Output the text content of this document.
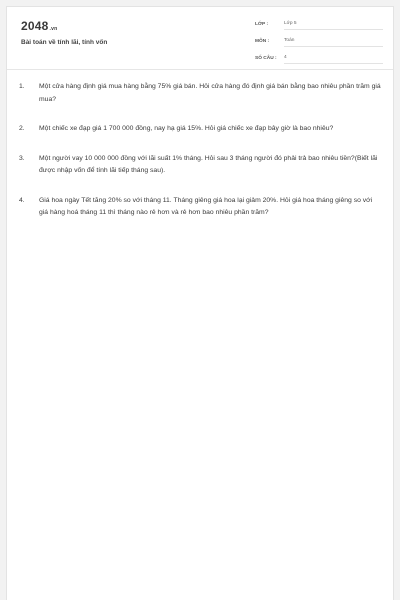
2048.vn
Bài toán về tính lãi, tính vốn
LỚP :	Lớp 5
MÔN :	Toán
SỐ CÂU :	4
1.	Một cửa hàng định giá mua hàng bằng 75% giá bán. Hỏi cửa hàng đó định giá bán bằng bao nhiêu phần trăm giá mua?
2.	Một chiếc xe đạp giá 1 700 000 đồng, nay hạ giá 15%. Hỏi giá chiếc xe đạp bây giờ là bao nhiêu?
3.	Một người vay 10 000 000 đồng với lãi suất 1% tháng. Hỏi sau 3 tháng người đó phải trả bao nhiêu tiền?(Biết lãi được nhập vốn để tính lãi tiếp tháng sau).
4.	Giá hoa ngày Tết tăng 20% so với tháng 11. Tháng giêng giá hoa lại giảm 20%. Hỏi giá hoa tháng giêng so với giá hàng hoá tháng 11 thì tháng nào rẻ hơn và rẻ hơn bao nhiêu phần trăm?
